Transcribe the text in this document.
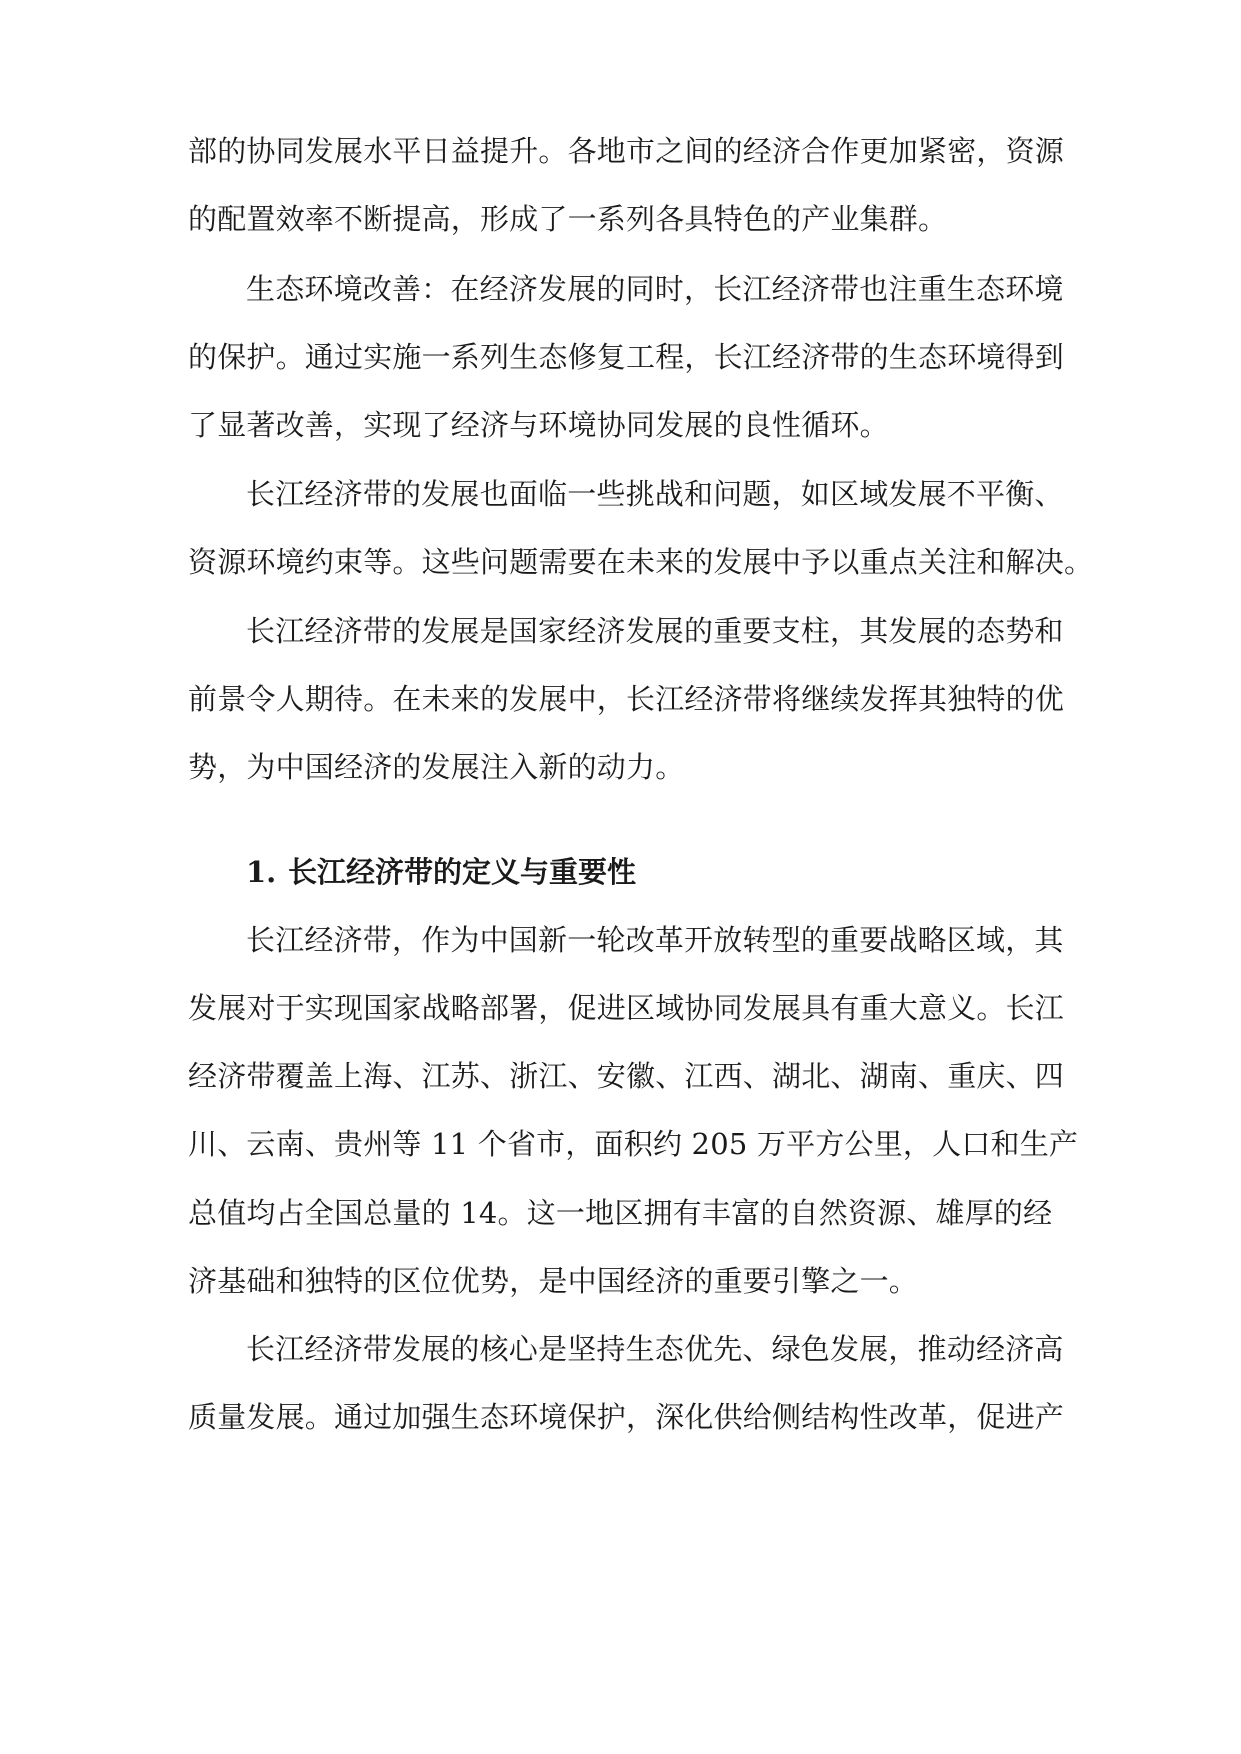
部的协同发展水平日益提升。各地市之间的经济合作更加紧密，资源
的配置效率不断提高，形成了一系列各具特色的产业集群。
生态环境改善：在经济发展的同时，长江经济带也注重生态环境
的保护。通过实施一系列生态修复工程，长江经济带的生态环境得到
了显著改善，实现了经济与环境协同发展的良性循环。
长江经济带的发展也面临一些挑战和问题，如区域发展不平衡、
资源环境约束等。这些问题需要在未来的发展中予以重点关注和解决。
长江经济带的发展是国家经济发展的重要支柱，其发展的态势和
前景令人期待。在未来的发展中，长江经济带将继续发挥其独特的优
势，为中国经济的发展注入新的动力。
1. 长江经济带的定义与重要性
长江经济带，作为中国新一轮改革开放转型的重要战略区域，其
发展对于实现国家战略部署，促进区域协同发展具有重大意义。长江
经济带覆盖上海、江苏、浙江、安徽、江西、湖北、湖南、重庆、四
川、云南、贵州等 11 个省市，面积约 205 万平方公里，人口和生产
总值均占全国总量的 14。这一地区拥有丰富的自然资源、雄厚的经
济基础和独特的区位优势，是中国经济的重要引擎之一。
长江经济带发展的核心是坚持生态优先、绿色发展，推动经济高
质量发展。通过加强生态环境保护，深化供给侧结构性改革，促进产
